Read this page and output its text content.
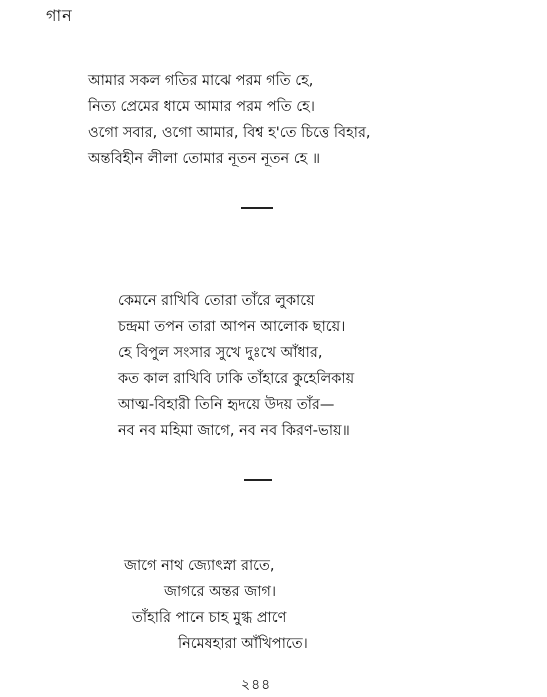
গান
আমার সকল গতির মাঝে পরম গতি হে,
নিত্য প্রেমের ধামে আমার পরম পতি হে।
ওগো সবার, ওগো আমার, বিশ্ব হ'তে চিত্তে বিহার,
অন্তবিহীন লীলা তোমার নূতন নূতন হে ॥
কেমনে রাখিবি তোরা তাঁরে লুকায়ে
চন্দ্রমা তপন তারা আপন আলোক ছায়ে।
হে বিপুল সংসার সুখে দুঃখে আঁধার,
কত কাল রাখিবি ঢাকি তাঁহারে কুহেলিকায়
আত্ম-বিহারী তিনি হৃদয়ে উদয় তাঁর—
নব নব মহিমা জাগে, নব নব কিরণ-ভায়॥
জাগে নাথ জ্যোৎস্না রাতে,
জাগরে অন্তর জাগ।
তাঁহারি পানে চাহ মুগ্ধ প্রাণে
নিমেষহারা আঁখিপাতে।
২৪৪
